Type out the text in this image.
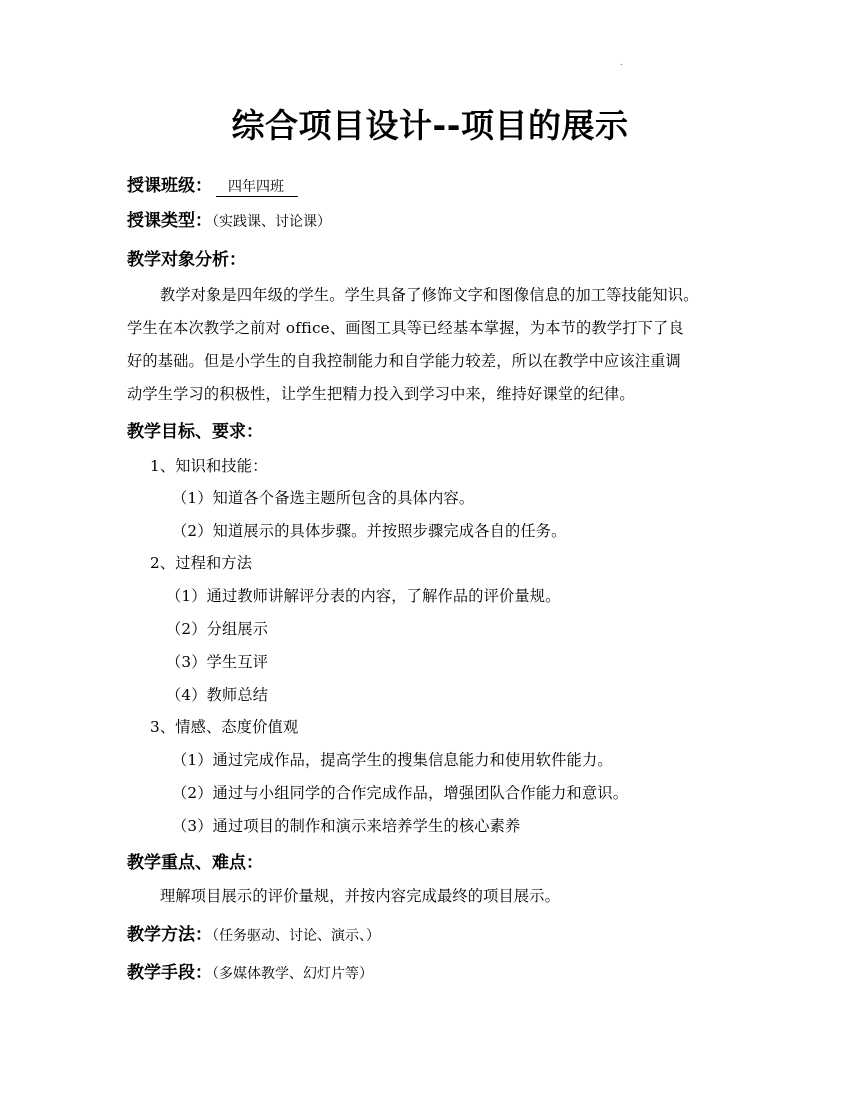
.
综合项目设计--项目的展示
授课班级： 四年四班
授课类型：（实践课、讨论课）
教学对象分析：
教学对象是四年级的学生。学生具备了修饰文字和图像信息的加工等技能知识。
学生在本次教学之前对 office、画图工具等已经基本掌握，为本节的教学打下了良
好的基础。但是小学生的自我控制能力和自学能力较差，所以在教学中应该注重调
动学生学习的积极性，让学生把精力投入到学习中来，维持好课堂的纪律。
教学目标、要求：
1、知识和技能：
（1）知道各个备选主题所包含的具体内容。
（2）知道展示的具体步骤。并按照步骤完成各自的任务。
2、过程和方法
（1）通过教师讲解评分表的内容，了解作品的评价量规。
（2）分组展示
（3）学生互评
（4）教师总结
3、情感、态度价值观
（1）通过完成作品，提高学生的搜集信息能力和使用软件能力。
（2）通过与小组同学的合作完成作品，增强团队合作能力和意识。
（3）通过项目的制作和演示来培养学生的核心素养
教学重点、难点：
理解项目展示的评价量规，并按内容完成最终的项目展示。
教学方法：（任务驱动、讨论、演示、）
教学手段：（多媒体教学、幻灯片等）
